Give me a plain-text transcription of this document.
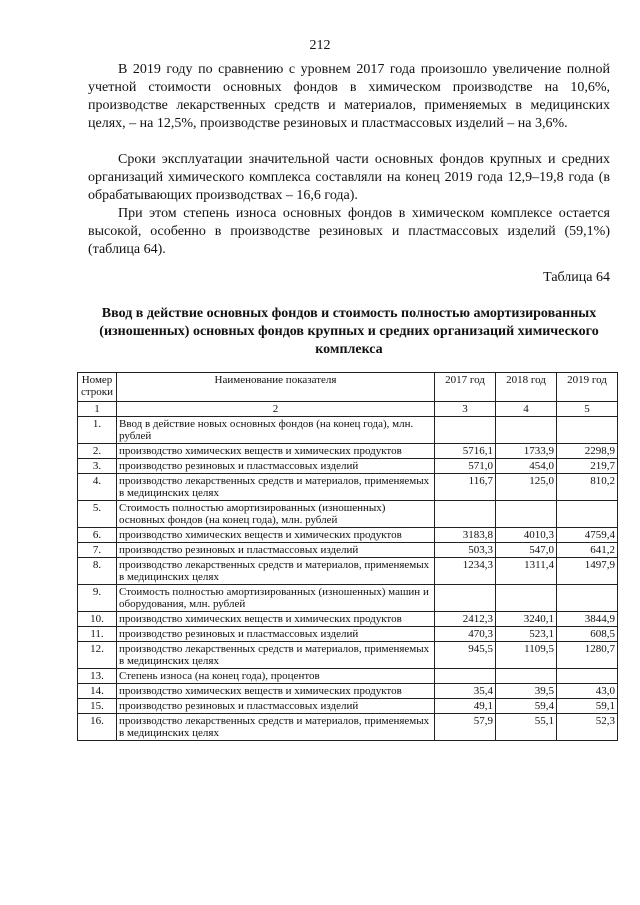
212

В 2019 году по сравнению с уровнем 2017 года произошло увеличение полной учетной стоимости основных фондов в химическом производстве на 10,6%, производстве лекарственных средств и материалов, применяемых в медицинских целях, – на 12,5%, производстве резиновых и пластмассовых изделий – на 3,6%.

Сроки эксплуатации значительной части основных фондов крупных и средних организаций химического комплекса составляли на конец 2019 года 12,9–19,8 года (в обрабатывающих производствах – 16,6 года).

При этом степень износа основных фондов в химическом комплексе остается высокой, особенно в производстве резиновых и пластмассовых изделий (59,1%) (таблица 64).

Таблица 64
Ввод в действие основных фондов и стоимость полностью амортизированных (изношенных) основных фондов крупных и средних организаций химического комплекса
Номер строки	Наименование показателя	2017 год	2018 год	2019 год
1	2	3	4	5
1.	Ввод в действие новых основных фондов (на конец года), млн. рублей			
2.	производство химических веществ и химических продуктов	5716,1	1733,9	2298,9
3.	производство резиновых и пластмассовых изделий	571,0	454,0	219,7
4.	производство лекарственных средств и материалов, применяемых в медицинских целях	116,7	125,0	810,2
5.	Стоимость полностью амортизированных (изношенных) основных фондов (на конец года), млн. рублей			
6.	производство химических веществ и химических продуктов	3183,8	4010,3	4759,4
7.	производство резиновых и пластмассовых изделий	503,3	547,0	641,2
8.	производство лекарственных средств и материалов, применяемых в медицинских целях	1234,3	1311,4	1497,9
9.	Стоимость полностью амортизированных (изношенных) машин и оборудования, млн. рублей			
10.	производство химических веществ и химических продуктов	2412,3	3240,1	3844,9
11.	производство резиновых и пластмассовых изделий	470,3	523,1	608,5
12.	производство лекарственных средств и материалов, применяемых в медицинских целях	945,5	1109,5	1280,7
13.	Степень износа (на конец года), процентов			
14.	производство химических веществ и химических продуктов	35,4	39,5	43,0
15.	производство резиновых и пластмассовых изделий	49,1	59,4	59,1
16.	производство лекарственных средств и материалов, применяемых в медицинских целях	57,9	55,1	52,3
